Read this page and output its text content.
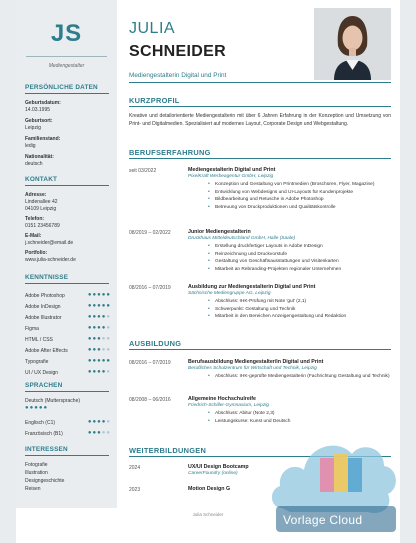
JS
Mediengestalter
PERSÖNLICHE DATEN
Geburtsdatum:
14.03.1995
Geburtsort:
Leipzig
Familienstand:
ledig
Nationalität:
deutsch
KONTAKT
Adresse:
Lindenallee 42
04109 Leipzig
Telefon:
0151 23456789
E-Mail:
j.schneider@email.de
Portfolio:
www.julia-schneider.de
KENNTNISSE
Adobe Photoshop	●●●●●
Adobe InDesign	●●●●●
Adobe Illustrator	●●●●●
Figma	●●●●●
HTML / CSS	●●●●●
Adobe After Effects	●●●●●
Typografie	●●●●●
UI / UX Design	●●●●●
SPRACHEN
Deutsch (Muttersprache)
●●●●●
Englisch (C1)	●●●●●
Französisch (B1)	●●●●●
INTERESSEN
Fotografie
Illustration
Designgeschichte
Reisen
JULIA
SCHNEIDER
Mediengestalterin Digital und Print
KURZPROFIL
Kreative und detailorientierte Mediengestalterin mit über 6 Jahren Erfahrung in der Konzeption und Umsetzung von Print- und Digitalmedien. Spezialisiert auf modernes Layout, Corporate Design und Webgestaltung.
BERUFSERFAHRUNG
seit 03/2022	Mediengestalterin Digital und Print
PixelKraft Werbeagentur GmbH, Leipzig
• Konzeption und Gestaltung von Printmedien (Broschüren, Flyer, Magazine)
• Entwicklung von Webdesigns und UI-Layouts für Kundenprojekte
• Bildbearbeitung und Retusche in Adobe Photoshop
• Betreuung von Druckproduktionen und Qualitätskontrolle
08/2019 – 02/2022	Junior Mediengestalterin
Druckhaus Mitteldeutschland GmbH, Halle (Saale)
• Erstellung druckfertiger Layouts in Adobe InDesign
• Reinzeichnung und Druckvorstufe
• Gestaltung von Geschäftsausstattungen und Visitenkarten
• Mitarbeit an Rebranding-Projekten regionaler Unternehmen
08/2016 – 07/2019	Ausbildung zur Mediengestalterin Digital und Print
Sächsische Mediengruppe AG, Leipzig
• Abschluss: IHK-Prüfung mit Note 'gut' (2,1)
• Schwerpunkt: Gestaltung und Technik
• Mitarbeit in den Bereichen Anzeigengestaltung und Redaktion
AUSBILDUNG
08/2016 – 07/2019	Berufsausbildung Mediengestalter/in Digital und Print
Berufliches Schulzentrum für Wirtschaft und Technik, Leipzig
• Abschluss: IHK-geprüfte Mediengestalterin (Fachrichtung Gestaltung und Technik)
08/2008 – 06/2016	Allgemeine Hochschulreife
Friedrich-Schiller-Gymnasium, Leipzig
• Abschluss: Abitur (Note 2,3)
• Leistungskurse: Kunst und Deutsch
WEITERBILDUNGEN
2024	UX/UI Design Bootcamp
CareerFoundry (online)
2023	Motion Design G
Julia Schneider	Vorlage Cloud
